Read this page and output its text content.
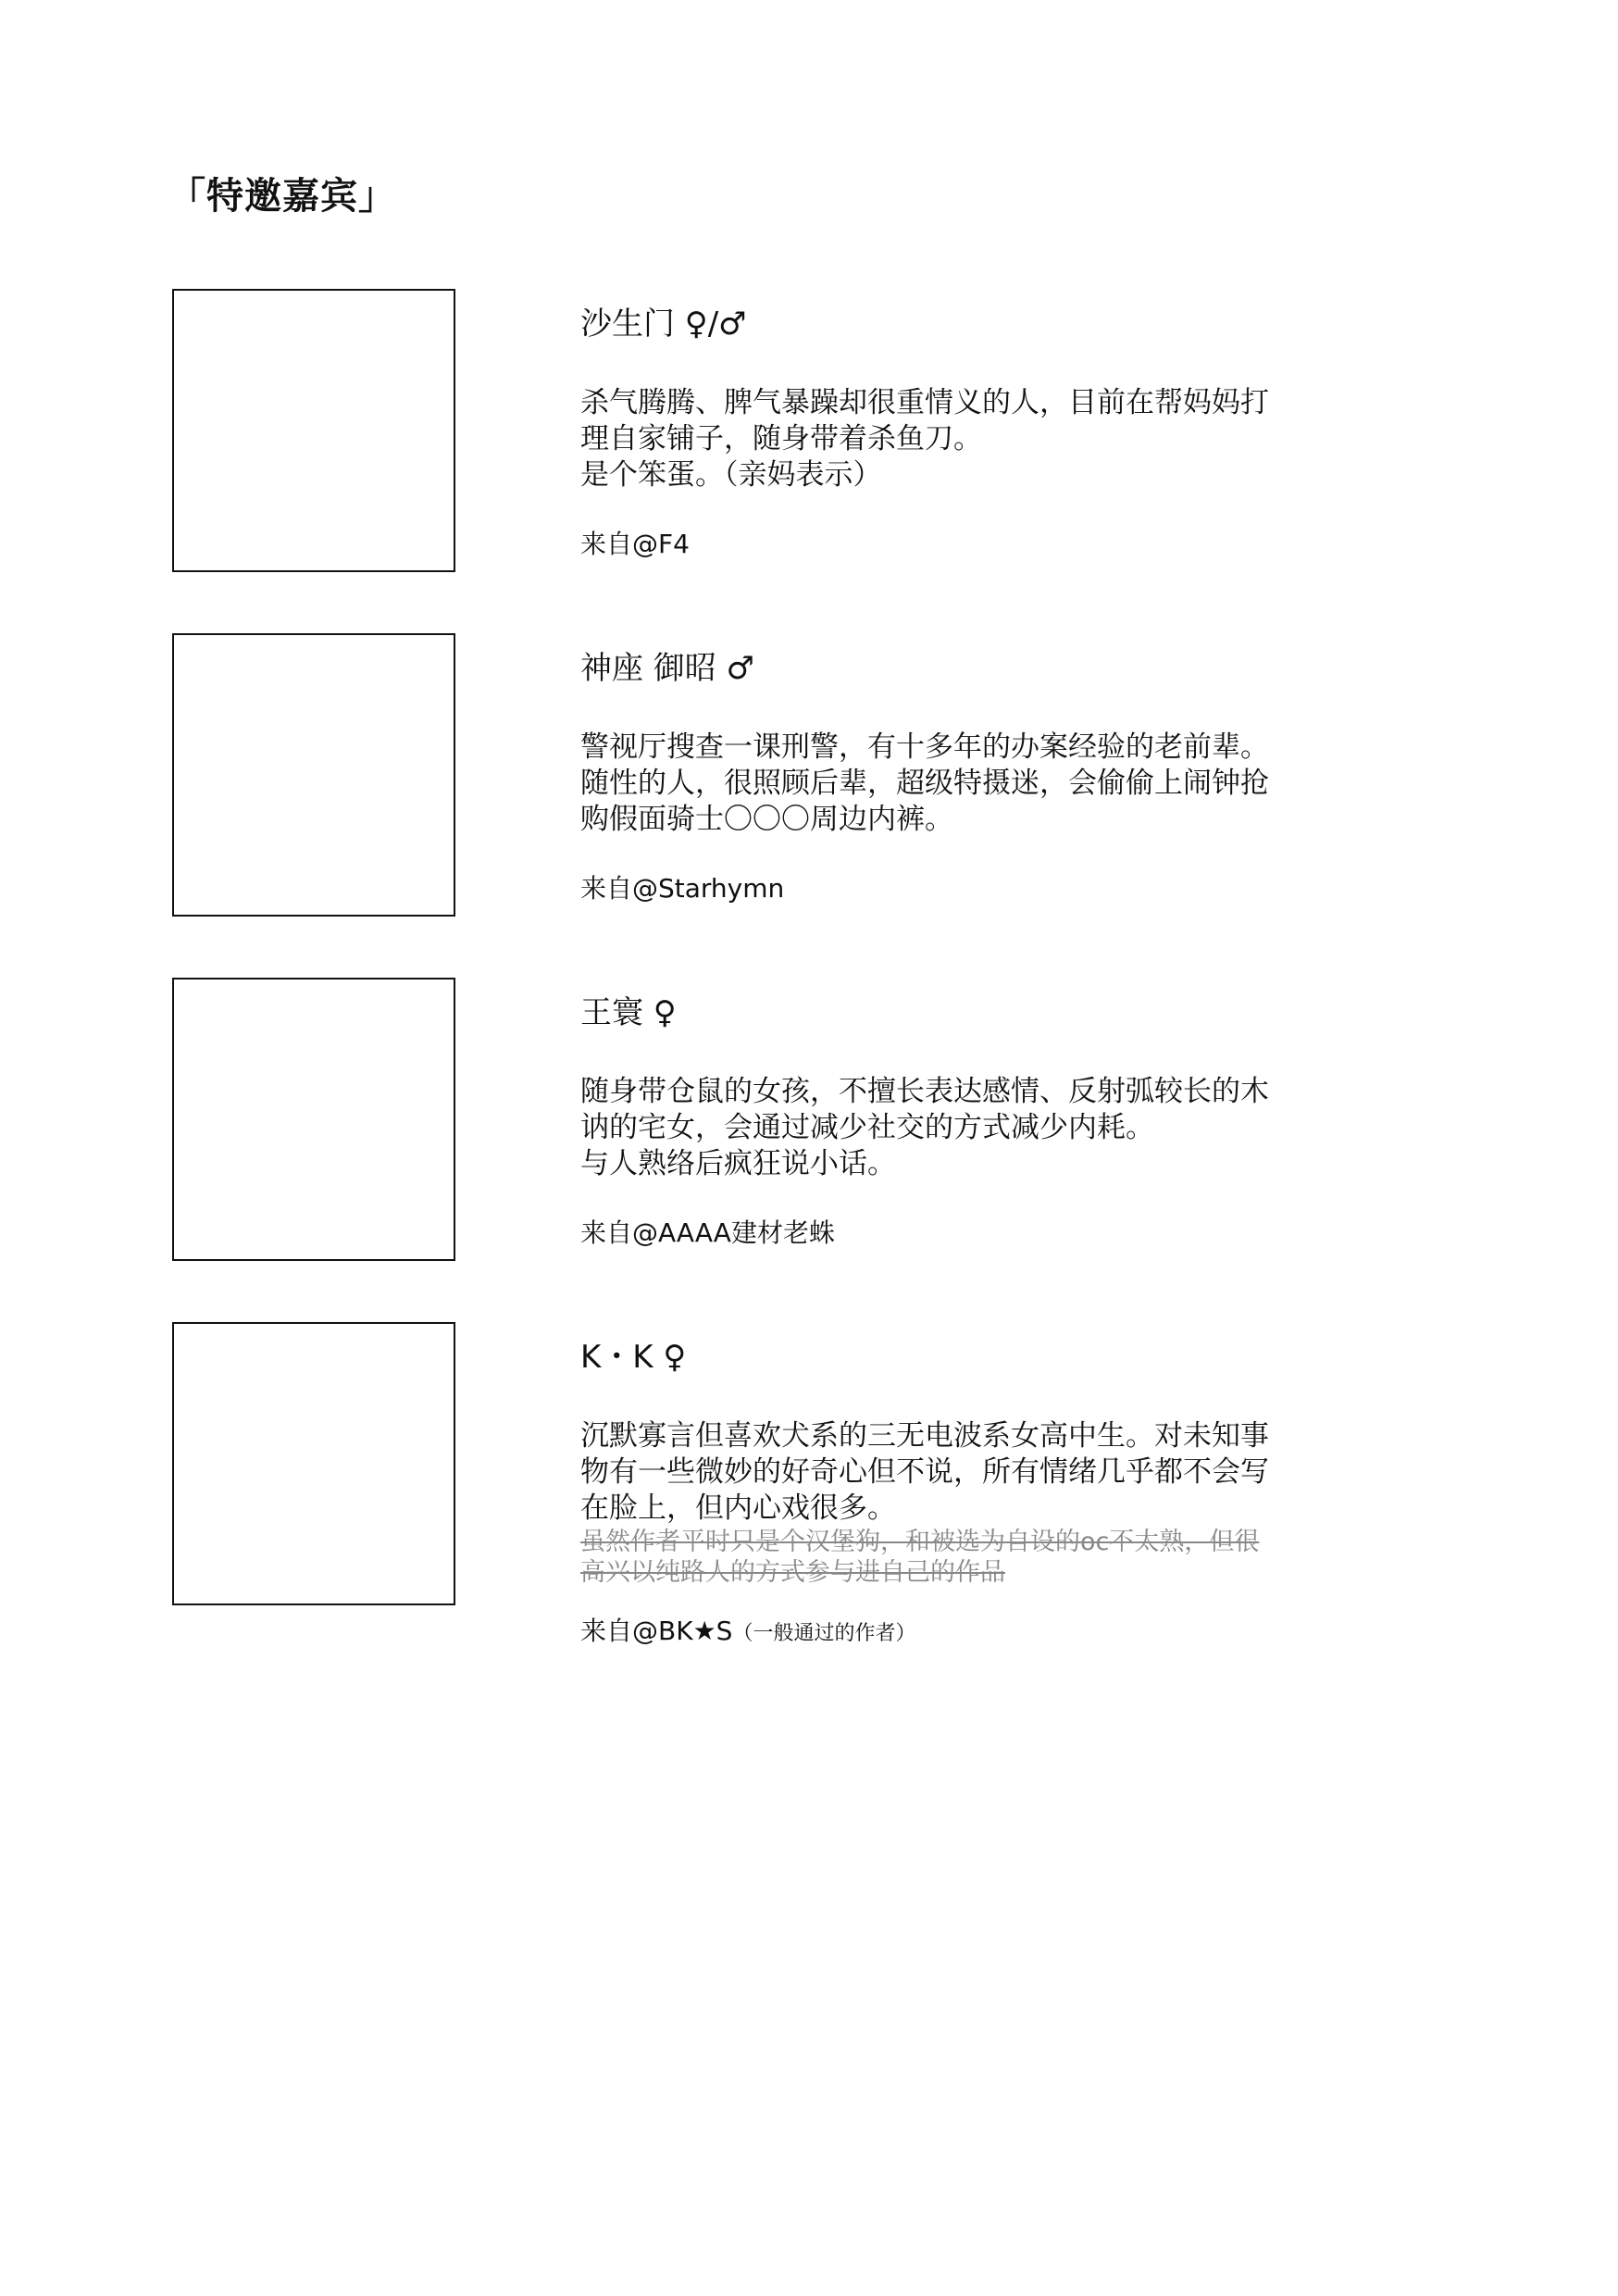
「特邀嘉宾」
沙生门 ♀/♂
杀气腾腾、脾气暴躁却很重情义的人，目前在帮妈妈打
理自家铺子，随身带着杀鱼刀。
是个笨蛋。（亲妈表示）
来自@F4
神座 御昭 ♂
警视厅搜查一课刑警，有十多年的办案经验的老前辈。
随性的人，很照顾后辈，超级特摄迷，会偷偷上闹钟抢
购假面骑士〇〇〇周边内裤。
来自@Starhymn
王寰 ♀
随身带仓鼠的女孩，不擅长表达感情、反射弧较长的木
讷的宅女，会通过减少社交的方式减少内耗。
与人熟络后疯狂说小话。
来自@AAAA建材老蛛
K・K ♀
沉默寡言但喜欢犬系的三无电波系女高中生。对未知事
物有一些微妙的好奇心但不说，所有情绪几乎都不会写
在脸上，但内心戏很多。
虽然作者平时只是个汉堡狗，和被选为自设的oc不太熟，但很
高兴以纯路人的方式参与进自己的作品
来自@BK★S（一般通过的作者）
